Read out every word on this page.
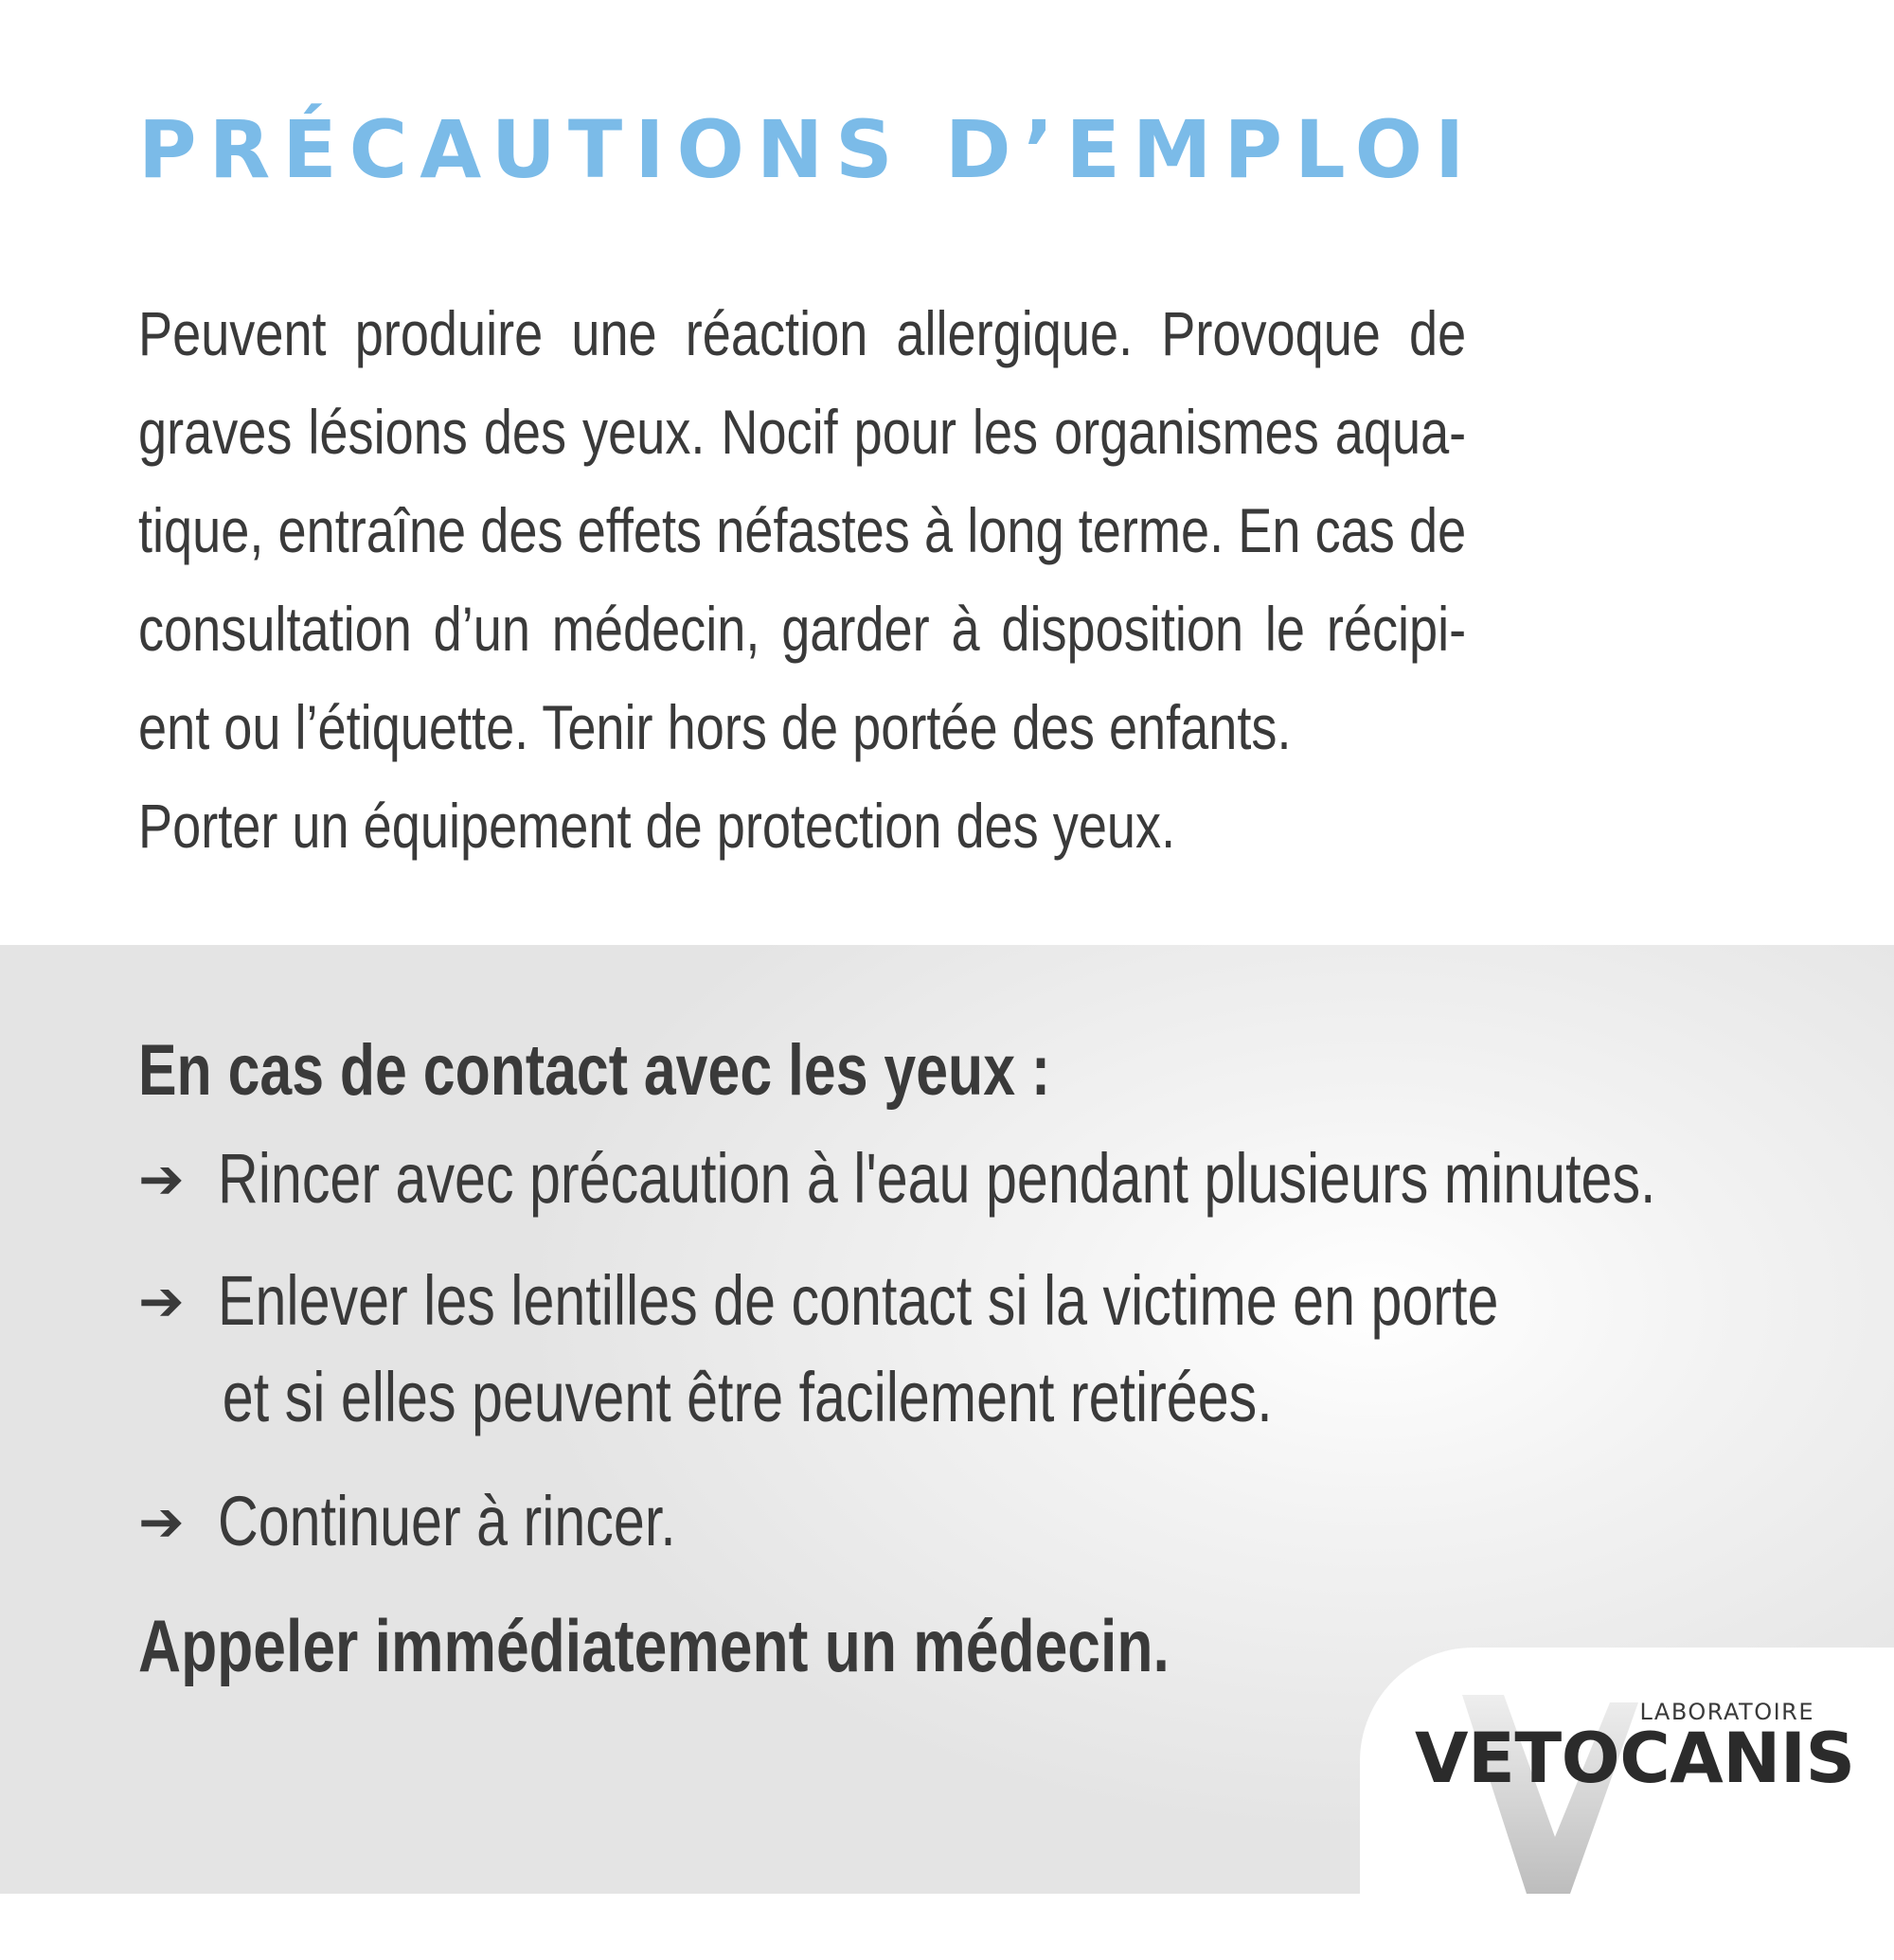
PRÉCAUTIONS D’EMPLOI

Peuvent produire une réaction allergique. Provoque de
graves lésions des yeux. Nocif pour les organismes aqua-
tique, entraîne des effets néfastes à long terme. En cas de
consultation d’un médecin, garder à disposition le récipi-
ent ou l’étiquette. Tenir hors de portée des enfants.
Porter un équipement de protection des yeux.

En cas de contact avec les yeux :
➔ Rincer avec précaution à l'eau pendant plusieurs minutes.
➔ Enlever les lentilles de contact si la victime en porte
et si elles peuvent être facilement retirées.
➔ Continuer à rincer.

Appeler immédiatement un médecin.

LABORATOIRE
VETOCANIS
